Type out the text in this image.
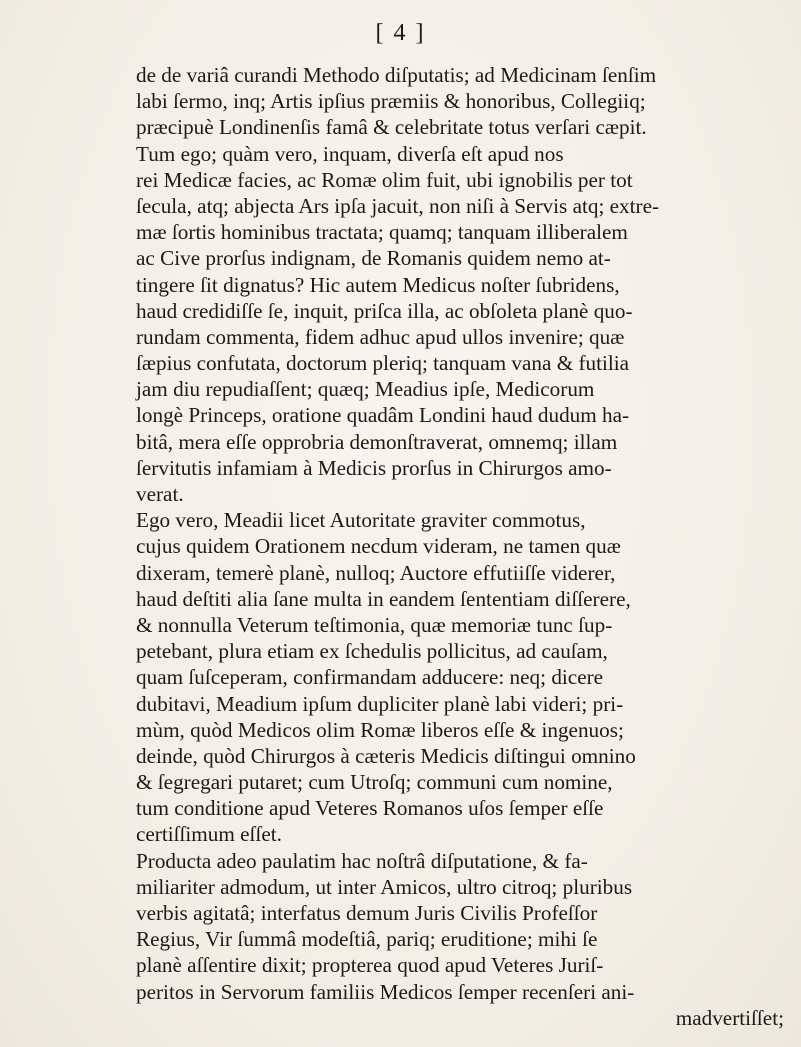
[ 4 ]
de de variâ curandi Methodo diſputatis; ad Medicinam ſenſim
labi ſermo, inq; Artis ipſius præmiis & honoribus, Collegiiq;
præcipuè Londinenſis famâ & celebritate totus verſari cæpit.
Tum ego; quàm vero, inquam, diverſa eſt apud nos
rei Medicæ facies, ac Romæ olim fuit, ubi ignobilis per tot
ſecula, atq; abjecta Ars ipſa jacuit, non niſi à Servis atq; extre-
mæ ſortis hominibus tractata; quamq; tanquam illiberalem
ac Cive prorſus indignam, de Romanis quidem nemo at-
tingere ſit dignatus? Hic autem Medicus noſter ſubridens,
haud credidiſſe ſe, inquit, priſca illa, ac obſoleta planè quo-
rundam commenta, fidem adhuc apud ullos invenire; quæ
ſæpius confutata, doctorum pleriq; tanquam vana & futilia
jam diu repudiaſſent; quæq; Meadius ipſe, Medicorum
longè Princeps, oratione quadâm Londini haud dudum ha-
bitâ, mera eſſe opprobria demonſtraverat, omnemq; illam
ſervitutis infamiam à Medicis prorſus in Chirurgos amo-
verat.
Ego vero, Meadii licet Autoritate graviter commotus,
cujus quidem Orationem necdum videram, ne tamen quæ
dixeram, temerè planè, nulloq; Auctore effutiiſſe viderer,
haud deſtiti alia ſane multa in eandem ſententiam diſſerere,
& nonnulla Veterum teſtimonia, quæ memoriæ tunc ſup-
petebant, plura etiam ex ſchedulis pollicitus, ad cauſam,
quam ſuſceperam, confirmandam adducere: neq; dicere
dubitavi, Meadium ipſum dupliciter planè labi videri; pri-
mùm, quòd Medicos olim Romæ liberos eſſe & ingenuos;
deinde, quòd Chirurgos à cæteris Medicis diſtingui omnino
& ſegregari putaret; cum Utroſq; communi cum nomine,
tum conditione apud Veteres Romanos uſos ſemper eſſe
certiſſimum eſſet.
Producta adeo paulatim hac noſtrâ diſputatione, & fa-
miliariter admodum, ut inter Amicos, ultro citroq; pluribus
verbis agitatâ; interfatus demum Juris Civilis Profeſſor
Regius, Vir ſummâ modeſtiâ, pariq; eruditione; mihi ſe
planè aſſentire dixit; propterea quod apud Veteres Juriſ-
peritos in Servorum familiis Medicos ſemper recenſeri ani-
madvertiſſet;
